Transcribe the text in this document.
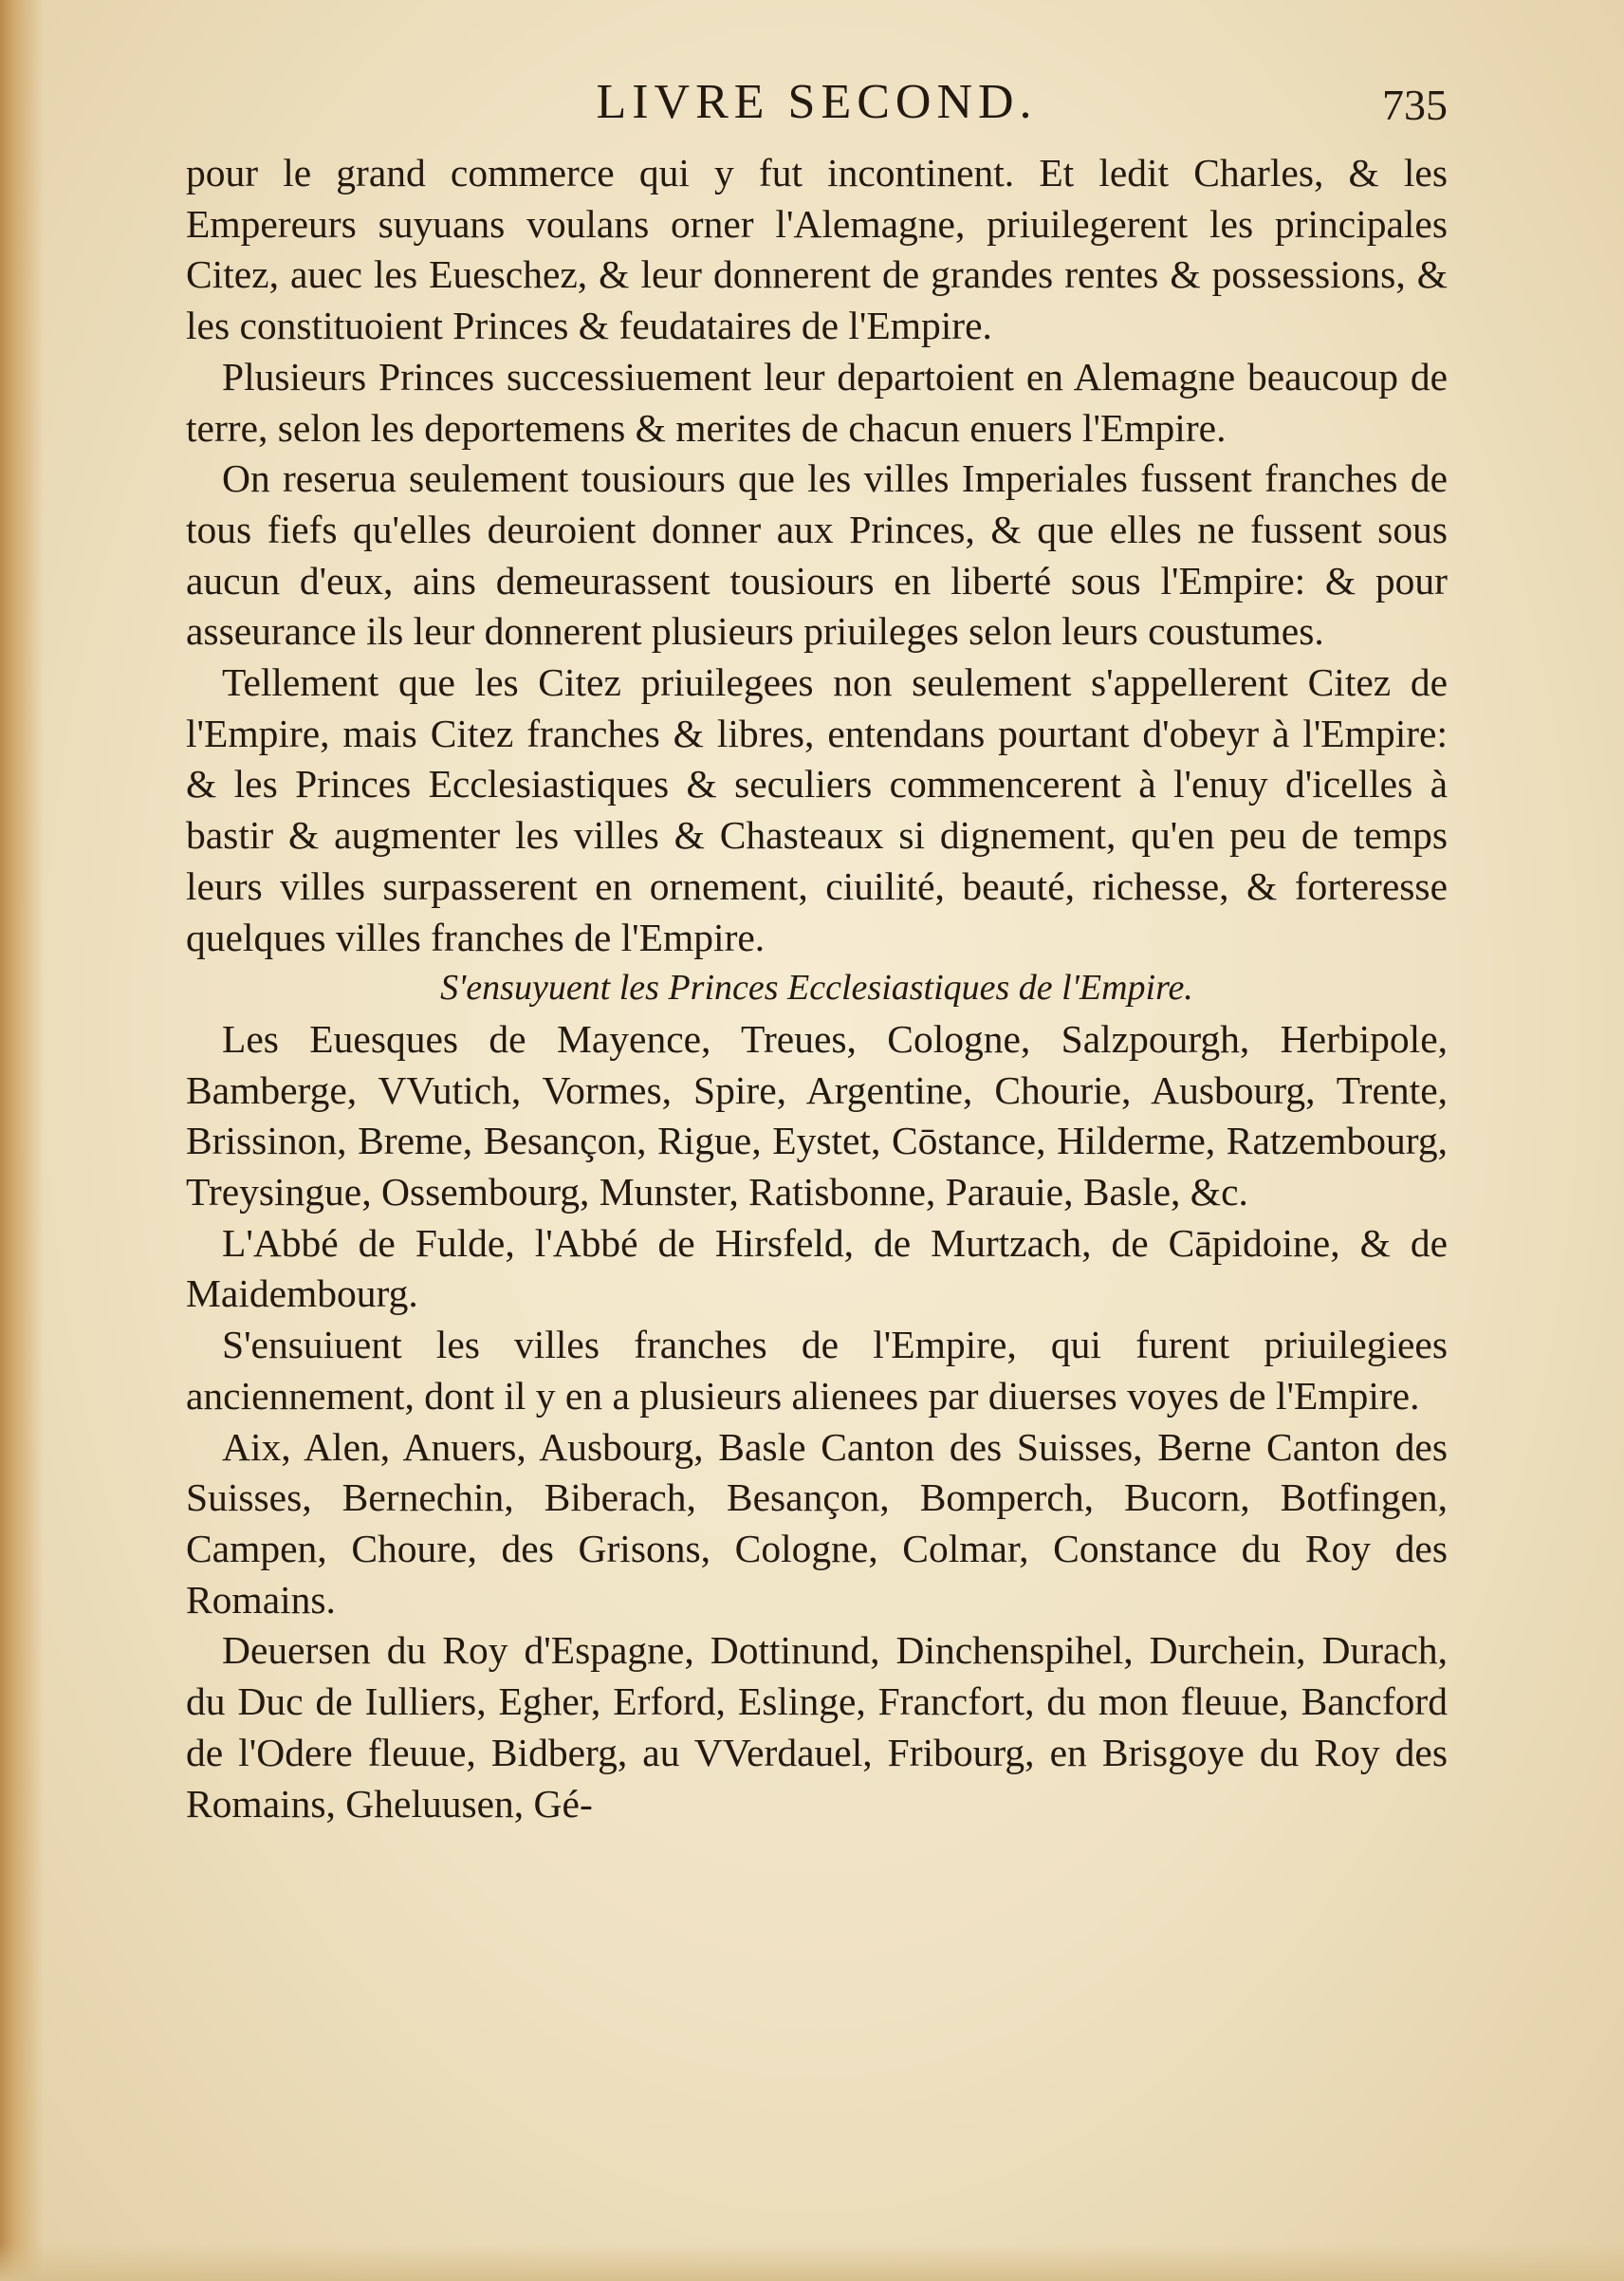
LIVRE SECOND.	735

pour le grand commerce qui y fut incontinent. Et ledit Charles, & les Empereurs suyuans voulans orner l'Alemagne, priuilegerent les principales Citez, auec les Eueschez, & leur donnerent de grandes rentes & possessions, & les constituoient Princes & feudataires de l'Empire.

Plusieurs Princes successiuement leur departoient en Alemagne beaucoup de terre, selon les deportemens & merites de chacun enuers l'Empire.

On reserua seulement tousiours que les villes Imperiales fussent franches de tous fiefs qu'elles deuroient donner aux Princes, & que elles ne fussent sous aucun d'eux, ains demeurassent tousiours en liberté sous l'Empire: & pour asseurance ils leur donnerent plusieurs priuileges selon leurs coustumes.

Tellement que les Citez priuilegees non seulement s'appellerent Citez de l'Empire, mais Citez franches & libres, entendans pourtant d'obeyr à l'Empire: & les Princes Ecclesiastiques & seculiers commencerent à l'enuy d'icelles à bastir & augmenter les villes & Chasteaux si dignement, qu'en peu de temps leurs villes surpasserent en ornement, ciuilité, beauté, richesse, & forteresse quelques villes franches de l'Empire.

S'ensuyuent les Princes Ecclesiastiques de l'Empire.

Les Euesques de Mayence, Treues, Cologne, Salzpourgh, Herbipole, Bamberge, VVutich, Vormes, Spire, Argentine, Chourie, Ausbourg, Trente, Brissinon, Breme, Besançon, Rigue, Eystet, Cōstance, Hilderme, Ratzembourg, Treysingue, Ossembourg, Munster, Ratisbonne, Parauie, Basle, &c.

L'Abbé de Fulde, l'Abbé de Hirsfeld, de Murtzach, de Cāpidoine, & de Maidembourg.

S'ensuiuent les villes franches de l'Empire, qui furent priuilegiees anciennement, dont il y en a plusieurs alienees par diuerses voyes de l'Empire.

Aix, Alen, Anuers, Ausbourg, Basle Canton des Suisses, Berne Canton des Suisses, Bernechin, Biberach, Besançon, Bomperch, Bucorn, Botfingen, Campen, Choure, des Grisons, Cologne, Colmar, Constance du Roy des Romains.

Deuersen du Roy d'Espagne, Dottinund, Dinchenspihel, Durchein, Durach, du Duc de Iulliers, Egher, Erford, Eslinge, Francfort, du mon fleuue, Bancford de l'Odere fleuue, Bidberg, au VVerdauel, Fribourg, en Brisgoye du Roy des Romains, Gheluusen, Gé-
